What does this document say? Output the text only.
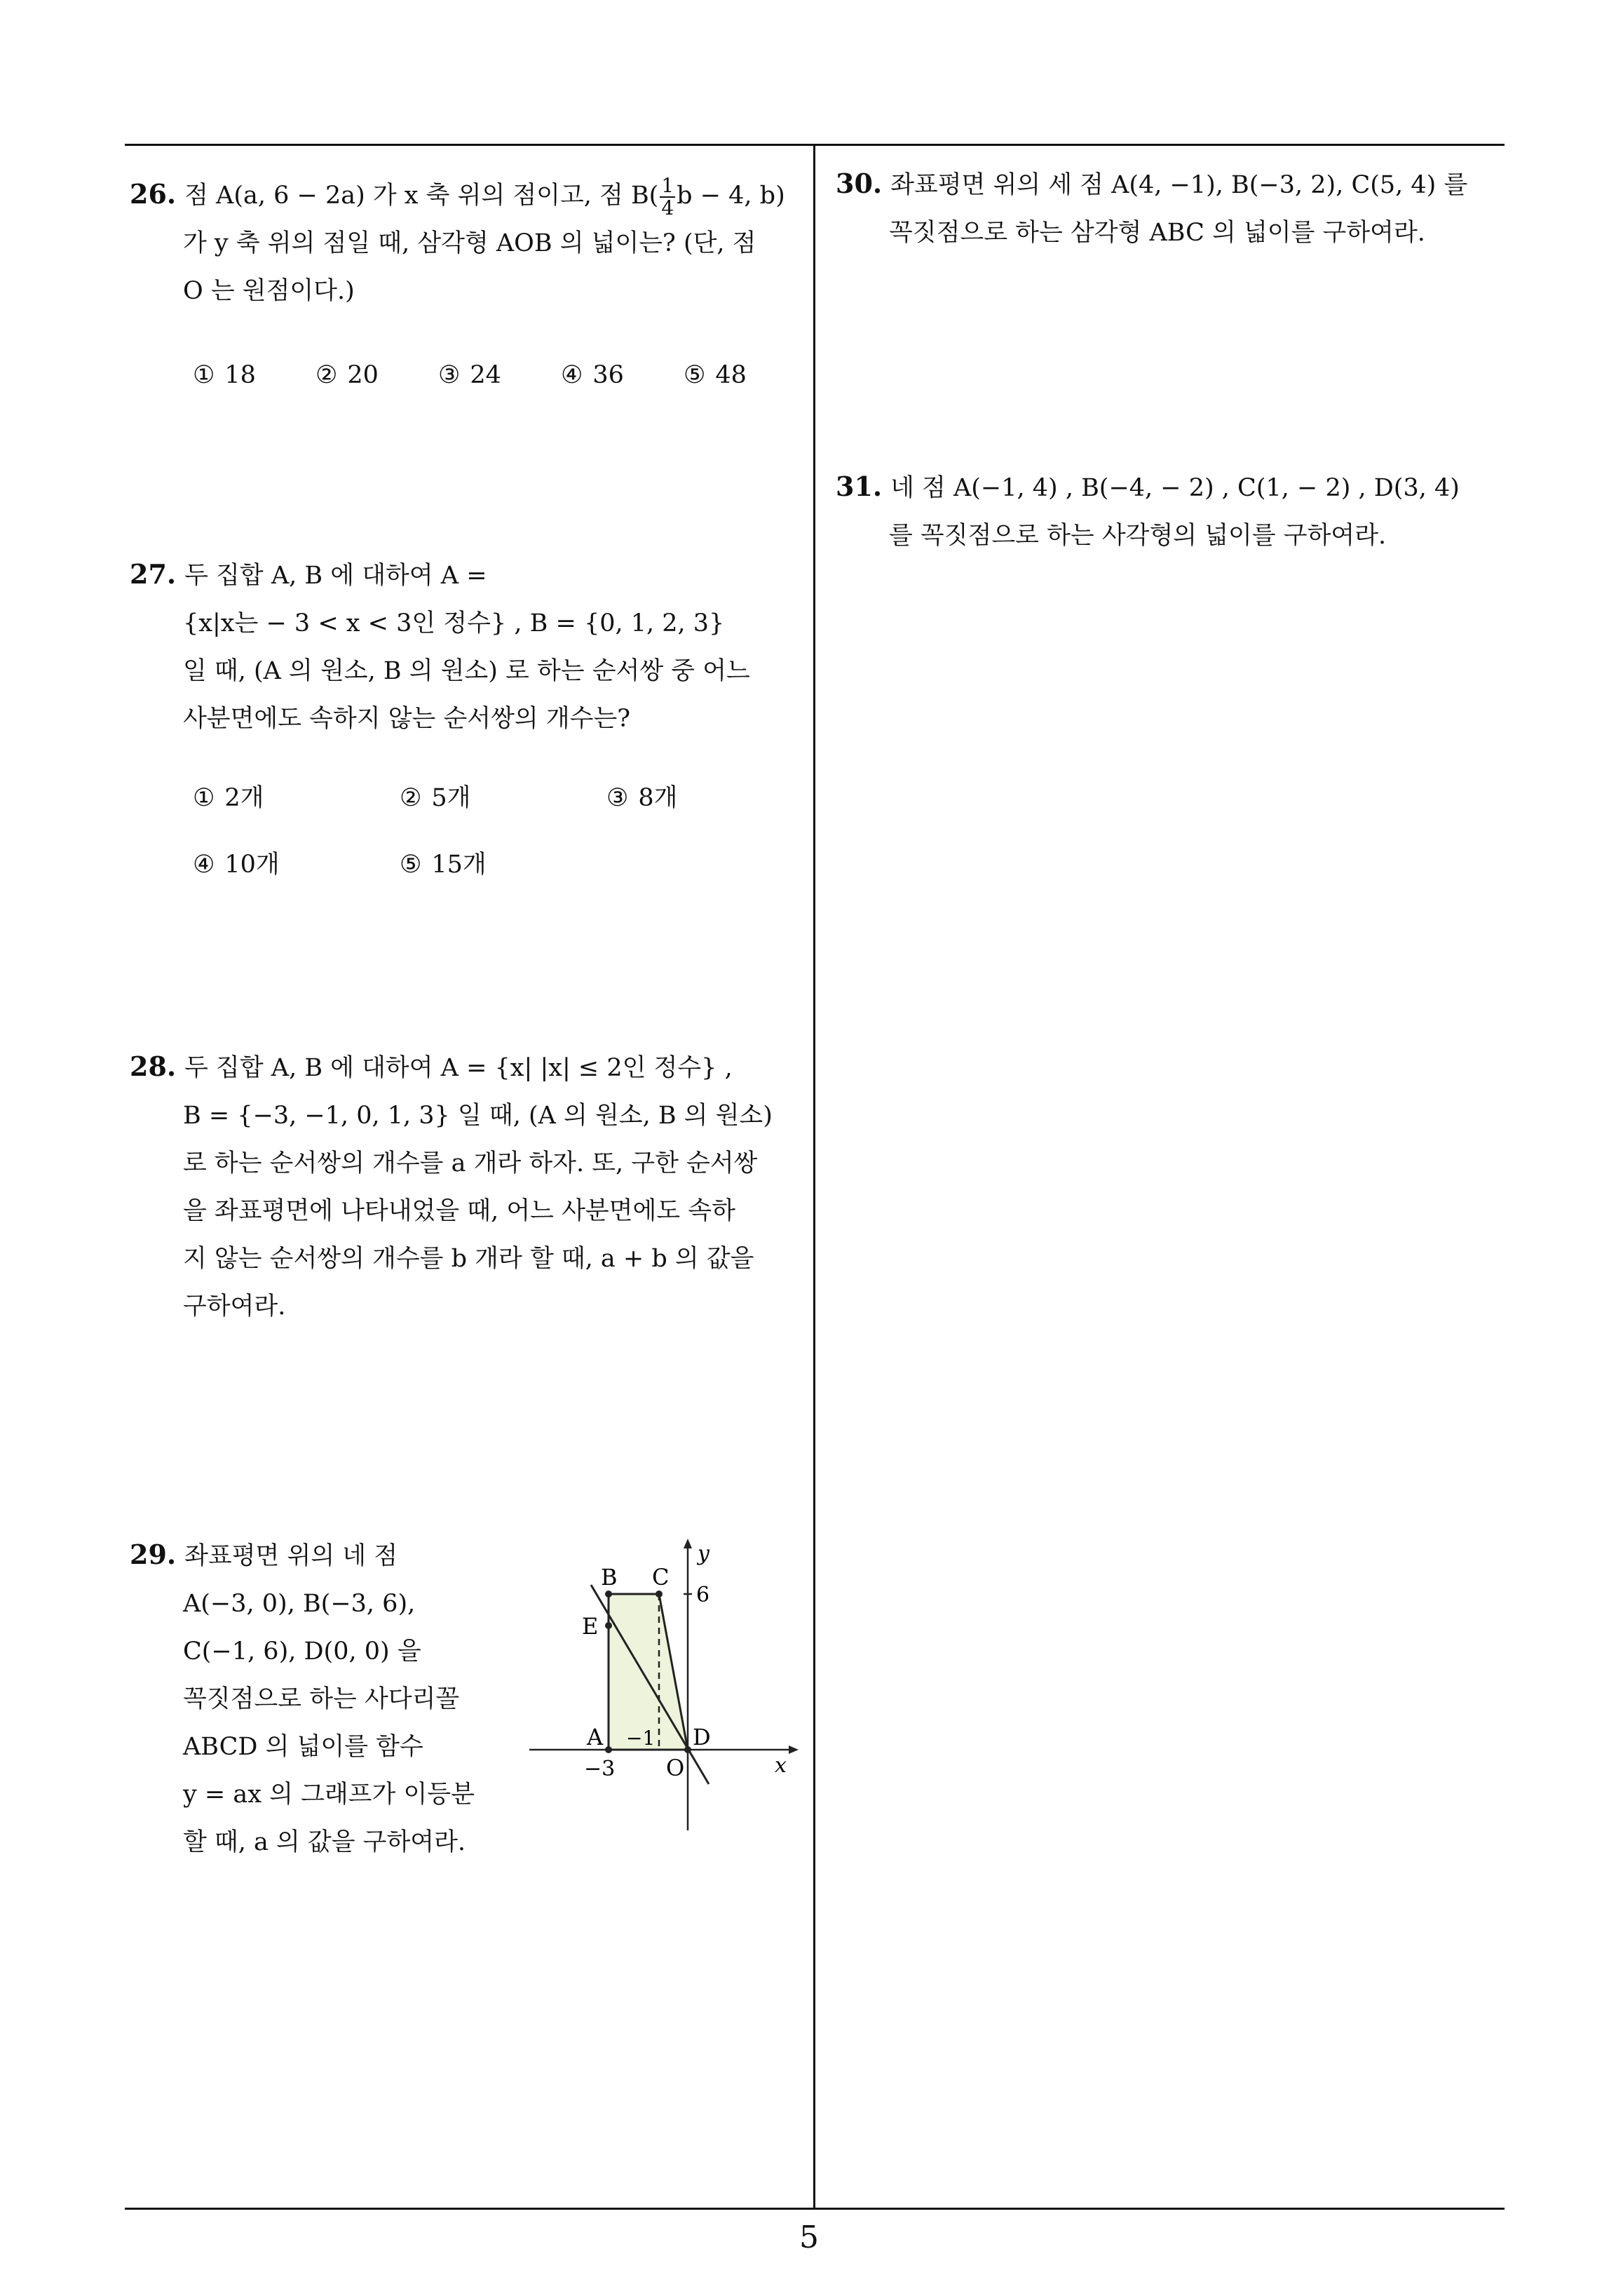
26. 점 A(a, 6 − 2a) 가 x 축 위의 점이고, 점 $B( \frac{1}{4}$ b − 4, b)
가 y 축 위의 점일 때, 삼각형 AOB 의 넓이는? (단, 점
O 는 원점이다.)
① 18 ② 20 ③ 24 ④ 36 ⑤ 48
27. 두 집합 A, B 에 대하여 A =
{x|x는 − 3 < x < 3인 정수} , B = {0, 1, 2, 3}
일 때, (A 의 원소, B 의 원소) 로 하는 순서쌍 중 어느
사분면에도 속하지 않는 순서쌍의 개수는?
① 2개	② 5개	③ 8개
④ 10개	⑤ 15개
28. 두 집합 A, B 에 대하여 A = {x| |x| ≤ 2인 정수} ,
B = {−3, −1, 0, 1, 3} 일 때, (A 의 원소, B 의 원소)
로 하는 순서쌍의 개수를 a 개라 하자. 또, 구한 순서쌍
을 좌표평면에 나타내었을 때, 어느 사분면에도 속하
지 않는 순서쌍의 개수를 b 개라 할 때, a + b 의 값을
구하여라.
29. 좌표평면 위의 네 점
A(−3, 0), B(−3, 6),
C(−1, 6), D(0, 0) 을
꼭짓점으로 하는 사다리꼴
ABCD 의 넓이를 함수
y = ax 의 그래프가 이등분
할 때, a 의 값을 구하여라.
B C
y
6
E
A −1 D
−3 O	x
30. 좌표평면 위의 세 점 A(4, −1), B(−3, 2), C(5, 4) 를
꼭짓점으로 하는 삼각형 ABC 의 넓이를 구하여라.
31. 네 점 A(−1, 4) , B(−4, − 2) , C(1, − 2) , D(3, 4)
를 꼭짓점으로 하는 사각형의 넓이를 구하여라.
5
